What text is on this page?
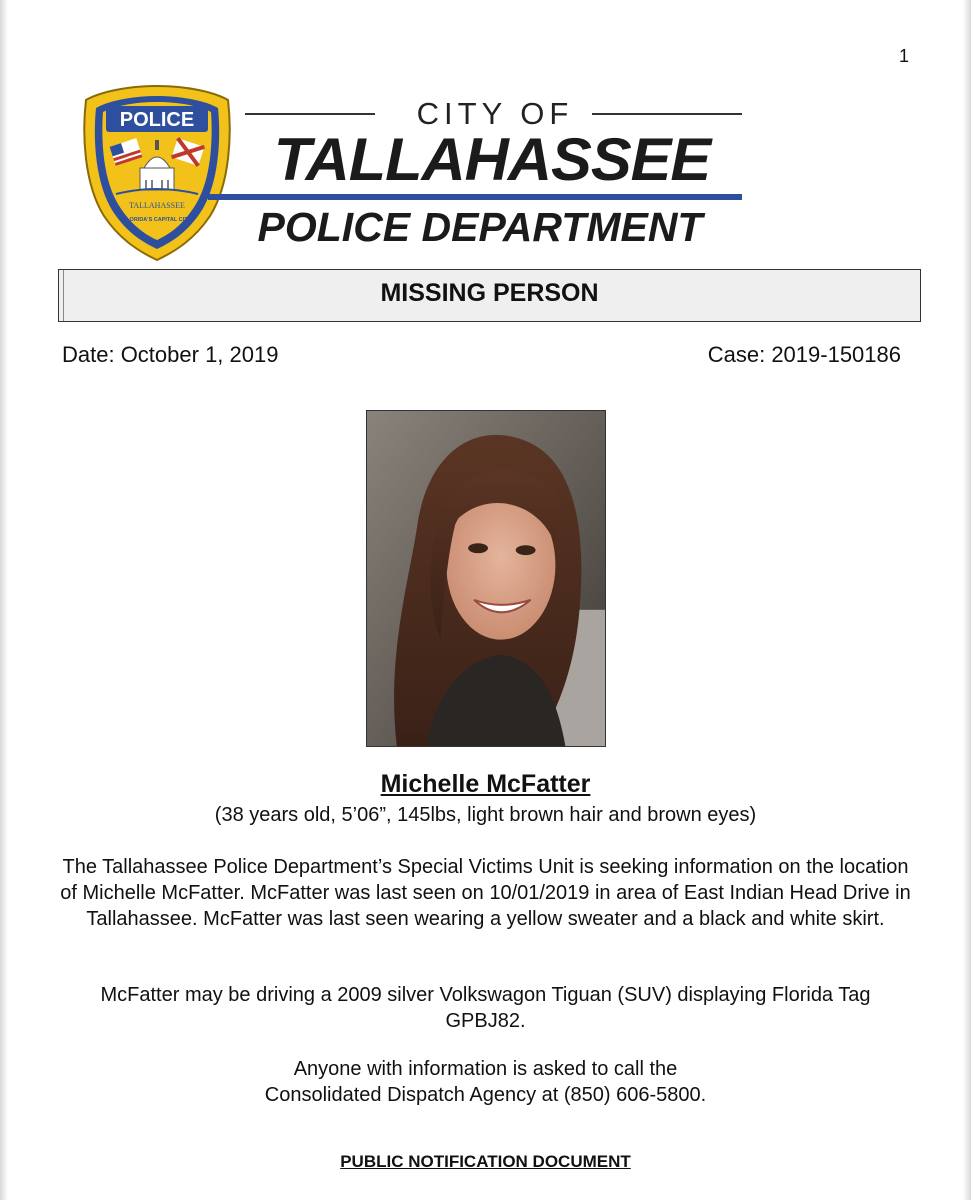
1
POLICE
TALLAHASSEE
FLORIDA'S CAPITAL CITY
CITY OF
TALLAHASSEE
POLICE DEPARTMENT
MISSING PERSON
Date: October 1, 2019	Case: 2019-150186
Michelle McFatter
(38 years old, 5’06”, 145lbs, light brown hair and brown eyes)
The Tallahassee Police Department’s Special Victims Unit is seeking information on the location of Michelle McFatter. McFatter was last seen on 10/01/2019 in area of East Indian Head Drive in Tallahassee. McFatter was last seen wearing a yellow sweater and a black and white skirt.
McFatter may be driving a 2009 silver Volkswagon Tiguan (SUV) displaying Florida Tag GPBJ82.
Anyone with information is asked to call the
Consolidated Dispatch Agency at (850) 606-5800.
PUBLIC NOTIFICATION DOCUMENT
